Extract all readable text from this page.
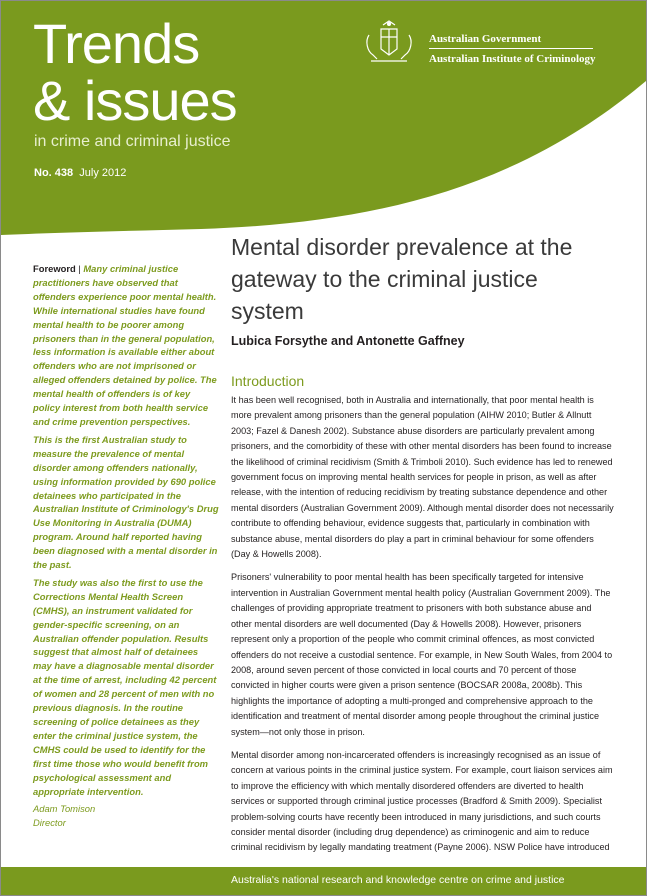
Trends
& issues
in crime and criminal justice
No. 438 July 2012
Australian Government
Australian Institute of Criminology

Foreword | Many criminal justice practitioners have observed that offenders experience poor mental health. While international studies have found mental health to be poorer among prisoners than in the general population, less information is available either about offenders who are not imprisoned or alleged offenders detained by police. The mental health of offenders is of key policy interest from both health service and crime prevention perspectives.

This is the first Australian study to measure the prevalence of mental disorder among offenders nationally, using information provided by 690 police detainees who participated in the Australian Institute of Criminology's Drug Use Monitoring in Australia (DUMA) program. Around half reported having been diagnosed with a mental disorder in the past.

The study was also the first to use the Corrections Mental Health Screen (CMHS), an instrument validated for gender-specific screening, on an Australian offender population. Results suggest that almost half of detainees may have a diagnosable mental disorder at the time of arrest, including 42 percent of women and 28 percent of men with no previous diagnosis. In the routine screening of police detainees as they enter the criminal justice system, the CMHS could be used to identify for the first time those who would benefit from psychological assessment and appropriate intervention.

Adam Tomison
Director
Mental disorder prevalence at the gateway to the criminal justice system
Lubica Forsythe and Antonette Gaffney
Introduction

It has been well recognised, both in Australia and internationally, that poor mental health is more prevalent among prisoners than the general population (AIHW 2010; Butler & Allnutt 2003; Fazel & Danesh 2002). Substance abuse disorders are particularly prevalent among prisoners, and the comorbidity of these with other mental disorders has been found to increase the likelihood of criminal recidivism (Smith & Trimboli 2010). Such evidence has led to renewed government focus on improving mental health services for people in prison, as well as after release, with the intention of reducing recidivism by treating substance dependence and other mental disorders (Australian Government 2009). Although mental disorder does not necessarily contribute to offending behaviour, evidence suggests that, particularly in combination with substance abuse, mental disorders do play a part in criminal behaviour for some offenders (Day & Howells 2008).

Prisoners' vulnerability to poor mental health has been specifically targeted for intensive intervention in Australian Government mental health policy (Australian Government 2009). The challenges of providing appropriate treatment to prisoners with both substance abuse and other mental disorders are well documented (Day & Howells 2008). However, prisoners represent only a proportion of the people who commit criminal offences, as most convicted offenders do not receive a custodial sentence. For example, in New South Wales, from 2004 to 2008, around seven percent of those convicted in local courts and 70 percent of those convicted in higher courts were given a prison sentence (BOCSAR 2008a, 2008b). This highlights the importance of adopting a multi-pronged and comprehensive approach to the identification and treatment of mental disorder among people throughout the criminal justice system—not only those in prison.

Mental disorder among non-incarcerated offenders is increasingly recognised as an issue of concern at various points in the criminal justice system. For example, court liaison services aim to improve the efficiency with which mentally disordered offenders are diverted to health services or supported through criminal justice processes (Bradford & Smith 2009). Specialist problem-solving courts have recently been introduced in many jurisdictions, and such courts consider mental disorder (including drug dependence) as criminogenic and aim to reduce criminal recidivism by legally mandating treatment (Payne 2006). NSW Police have introduced

Australia's national research and knowledge centre on crime and justice
